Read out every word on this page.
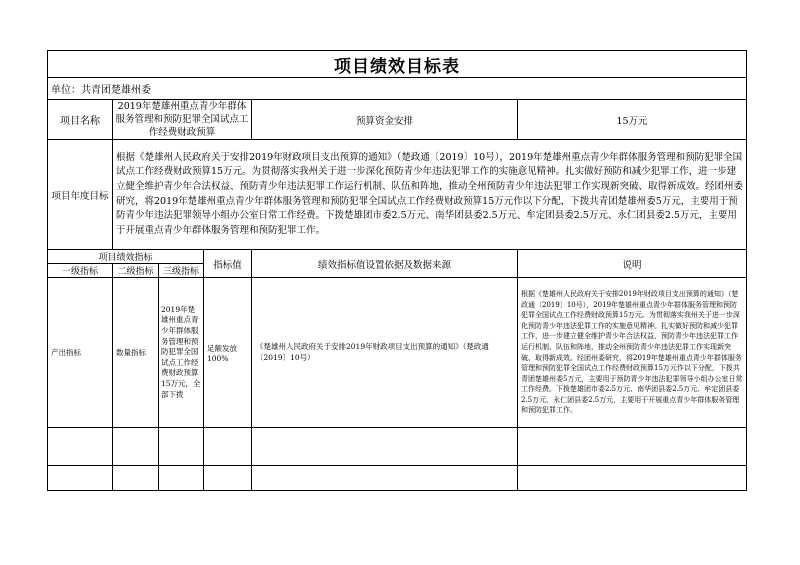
项目绩效目标表					
单位：共青团楚雄州委					
项目名称	2019年楚雄州重点青少年群体服务管理和预防犯罪全国试点工作经费财政预算			预算资金安排	15万元
项目年度目标	根据《楚雄州人民政府关于安排2019年财政项目支出预算的通知》（楚政通〔2019〕10号），2019年楚雄州重点青少年群体服务管理和预防犯罪全国试点工作经费财政预算15万元。为贯彻落实我州关于进一步深化预防青少年违法犯罪工作的实施意见精神。扎实做好预防和减少犯罪工作，进一步建立健全维护青少年合法权益、预防青少年违法犯罪工作运行机制、队伍和阵地，推动全州预防青少年违法犯罪工作实现新突破、取得新成效。经团州委研究，将2019年楚雄州重点青少年群体服务管理和预防犯罪全国试点工作经费财政预算15万元作以下分配，下拨共青团楚雄州委5万元，主要用于预防青少年违法犯罪领导小组办公室日常工作经费。下拨楚雄团市委2.5万元、南华团县委2.5万元、牟定团县委2.5万元、永仁团县委2.5万元，主要用于开展重点青少年群体服务管理和预防犯罪工作。				
项目绩效指标			指标值	绩效指标值设置依据及数据来源	说明
一级指标	二级指标	三级指标			
产出指标	数量指标	2019年楚雄州重点青少年群体服务管理和预防犯罪全国试点工作经费财政预算15万元，全部下拨	足额发放100%	《楚雄州人民政府关于安排2019年财政项目支出预算的通知》（楚政通〔2019〕10号）	根据《楚雄州人民政府关于安排2019年财政项目支出预算的通知》（楚政通〔2019〕10号），2019年楚雄州重点青少年群体服务管理和预防犯罪全国试点工作经费财政预算15万元。为贯彻落实我州关于进一步深化预防青少年违法犯罪工作的实施意见精神。扎实做好预防和减少犯罪工作，进一步建立健全维护青少年合法权益、预防青少年违法犯罪工作运行机制、队伍和阵地，推动全州预防青少年违法犯罪工作实现新突破、取得新成效。经团州委研究，将2019年楚雄州重点青少年群体服务管理和预防犯罪全国试点工作经费财政预算15万元作以下分配，下拨共青团楚雄州委5万元，主要用于预防青少年违法犯罪领导小组办公室日常工作经费。下拨楚雄团市委2.5万元、南华团县委2.5万元、牟定团县委2.5万元、永仁团县委2.5万元，主要用于开展重点青少年群体服务管理和预防犯罪工作。
